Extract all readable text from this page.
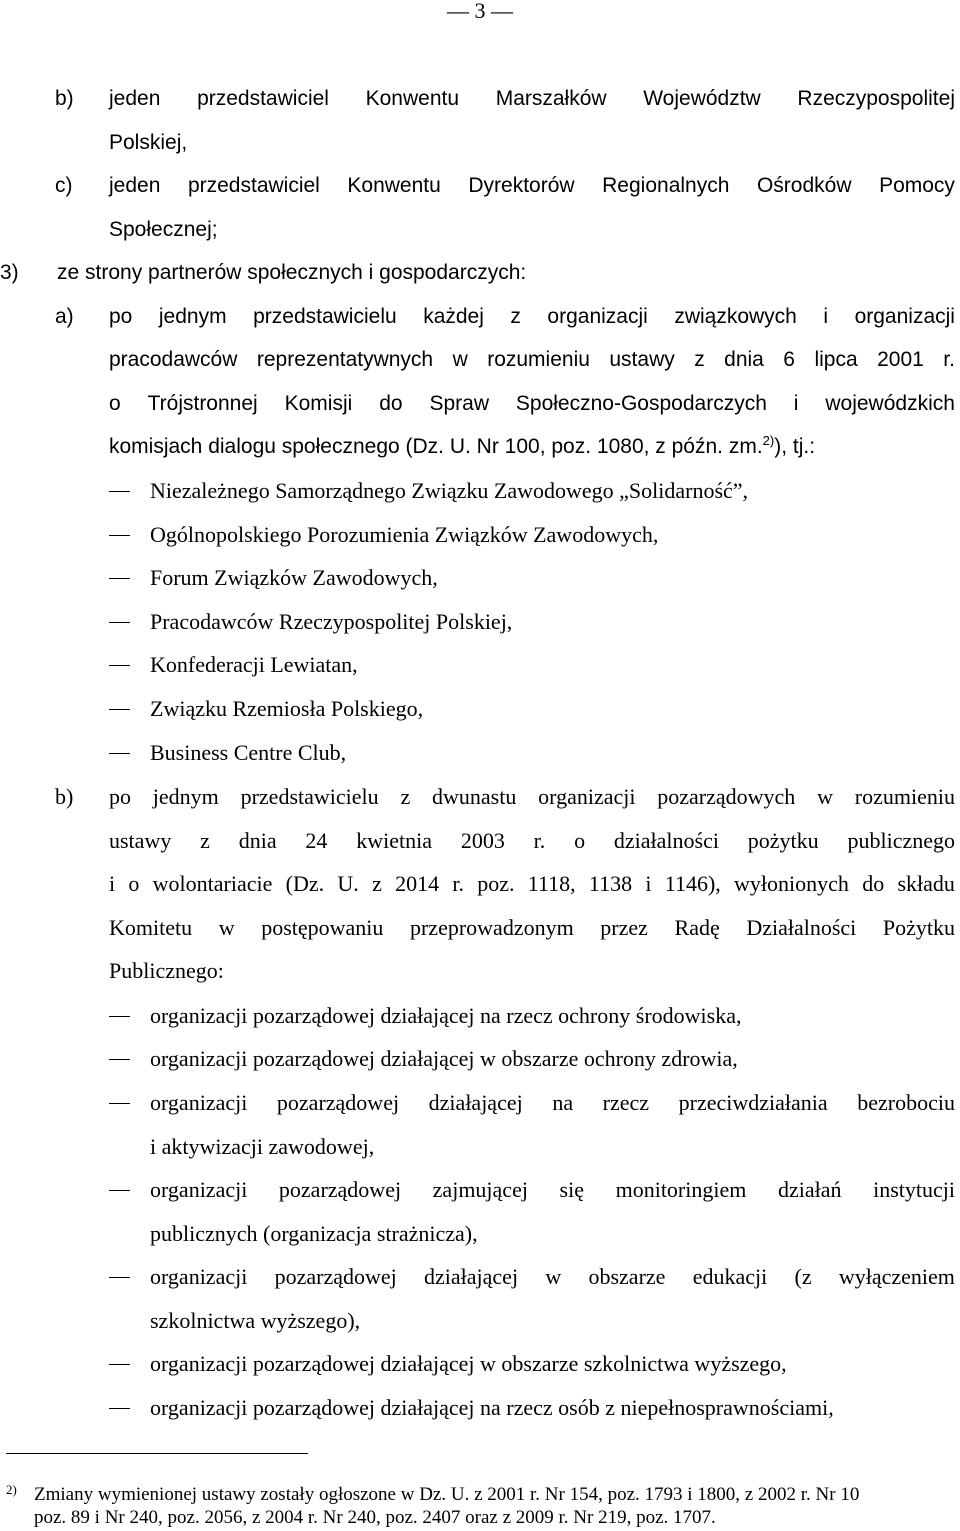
— 3 —
b) jeden przedstawiciel Konwentu Marszałków Województw Rzeczypospolitej
Polskiej,
c) jeden przedstawiciel Konwentu Dyrektorów Regionalnych Ośrodków Pomocy
Społecznej;
3) ze strony partnerów społecznych i gospodarczych:
a) po jednym przedstawicielu każdej z organizacji związkowych i organizacji
pracodawców reprezentatywnych w rozumieniu ustawy z dnia 6 lipca 2001 r.
o Trójstronnej Komisji do Spraw Społeczno-Gospodarczych i wojewódzkich
komisjach dialogu społecznego (Dz. U. Nr 100, poz. 1080, z późn. zm.$^{2)}$), tj.:
Niezależnego Samorządnego Związku Zawodowego „Solidarność”,
Ogólnopolskiego Porozumienia Związków Zawodowych,
Forum Związków Zawodowych,
Pracodawców Rzeczypospolitej Polskiej,
Konfederacji Lewiatan,
Związku Rzemiosła Polskiego,
Business Centre Club,
b) po jednym przedstawicielu z dwunastu organizacji pozarządowych w rozumieniu
ustawy z dnia 24 kwietnia 2003 r. o działalności pożytku publicznego
i o wolontariacie (Dz. U. z 2014 r. poz. 1118, 1138 i 1146), wyłonionych do składu
Komitetu w postępowaniu przeprowadzonym przez Radę Działalności Pożytku
Publicznego:
organizacji pozarządowej działającej na rzecz ochrony środowiska,
organizacji pozarządowej działającej w obszarze ochrony zdrowia,
organizacji pozarządowej działającej na rzecz przeciwdziałania bezrobociu
i aktywizacji zawodowej,
organizacji pozarządowej zajmującej się monitoringiem działań instytucji
publicznych (organizacja strażnicza),
organizacji pozarządowej działającej w obszarze edukacji (z wyłączeniem
szkolnictwa wyższego),
organizacji pozarządowej działającej w obszarze szkolnictwa wyższego,
organizacji pozarządowej działającej na rzecz osób z niepełnosprawnościami,
2) Zmiany wymienionej ustawy zostały ogłoszone w Dz. U. z 2001 r. Nr 154, poz. 1793 i 1800, z 2002 r. Nr 10
poz. 89 i Nr 240, poz. 2056, z 2004 r. Nr 240, poz. 2407 oraz z 2009 r. Nr 219, poz. 1707.
